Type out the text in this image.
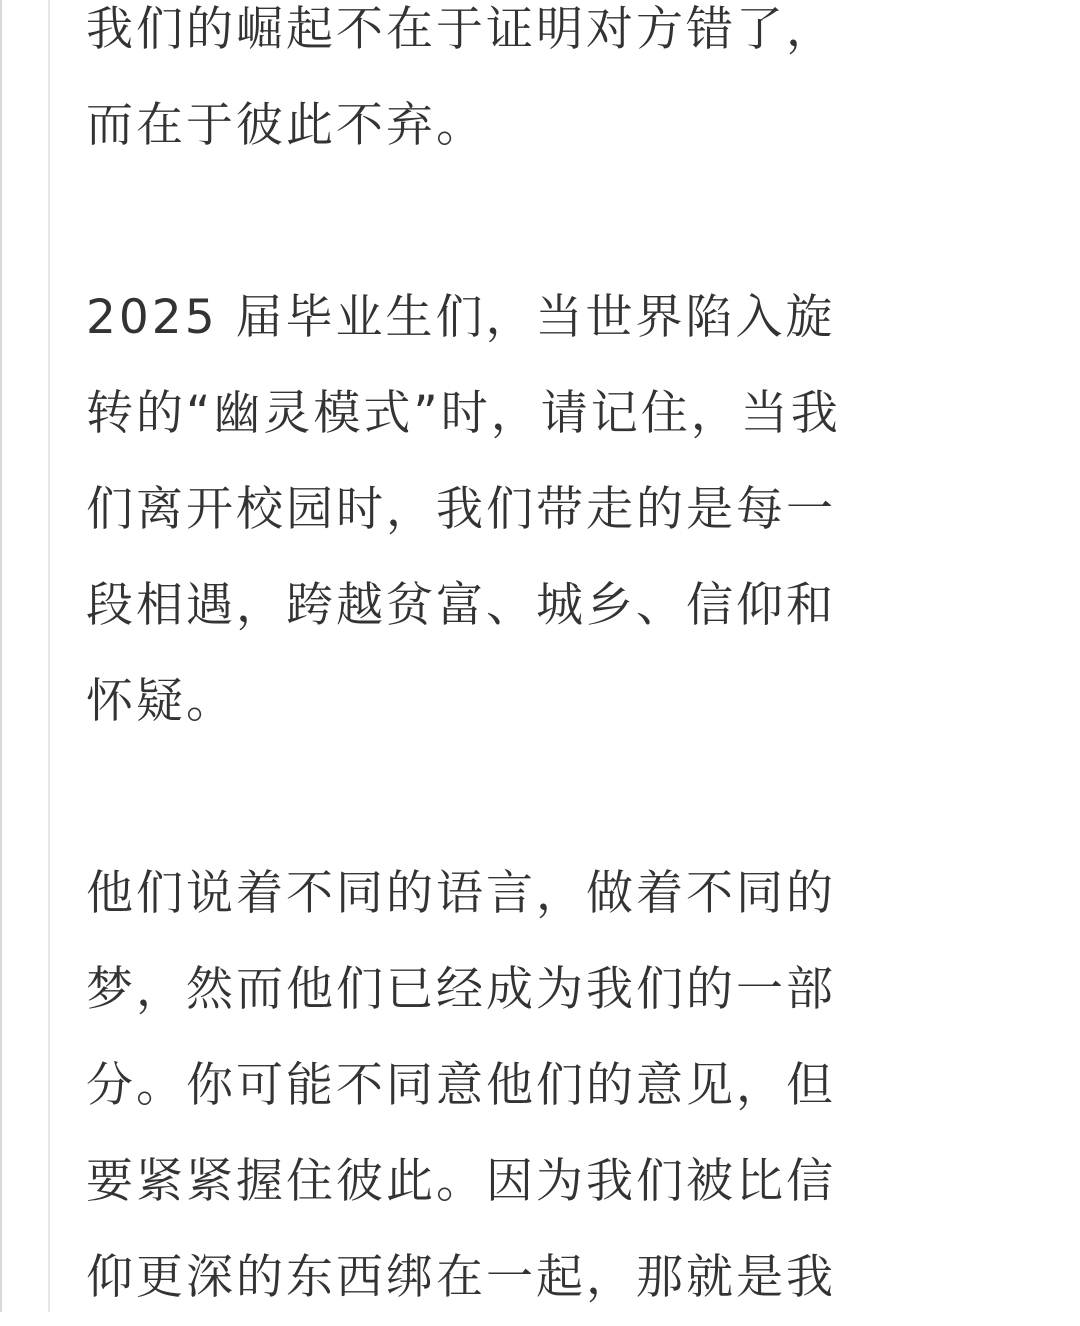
我们的崛起不在于证明对方错了，
而在于彼此不弃。
2025 届毕业生们，当世界陷入旋
转的“幽灵模式”时，请记住，当我
们离开校园时，我们带走的是每一
段相遇，跨越贫富、城乡、信仰和
怀疑。
他们说着不同的语言，做着不同的
梦，然而他们已经成为我们的一部
分。你可能不同意他们的意见，但
要紧紧握住彼此。因为我们被比信
仰更深的东西绑在一起，那就是我
